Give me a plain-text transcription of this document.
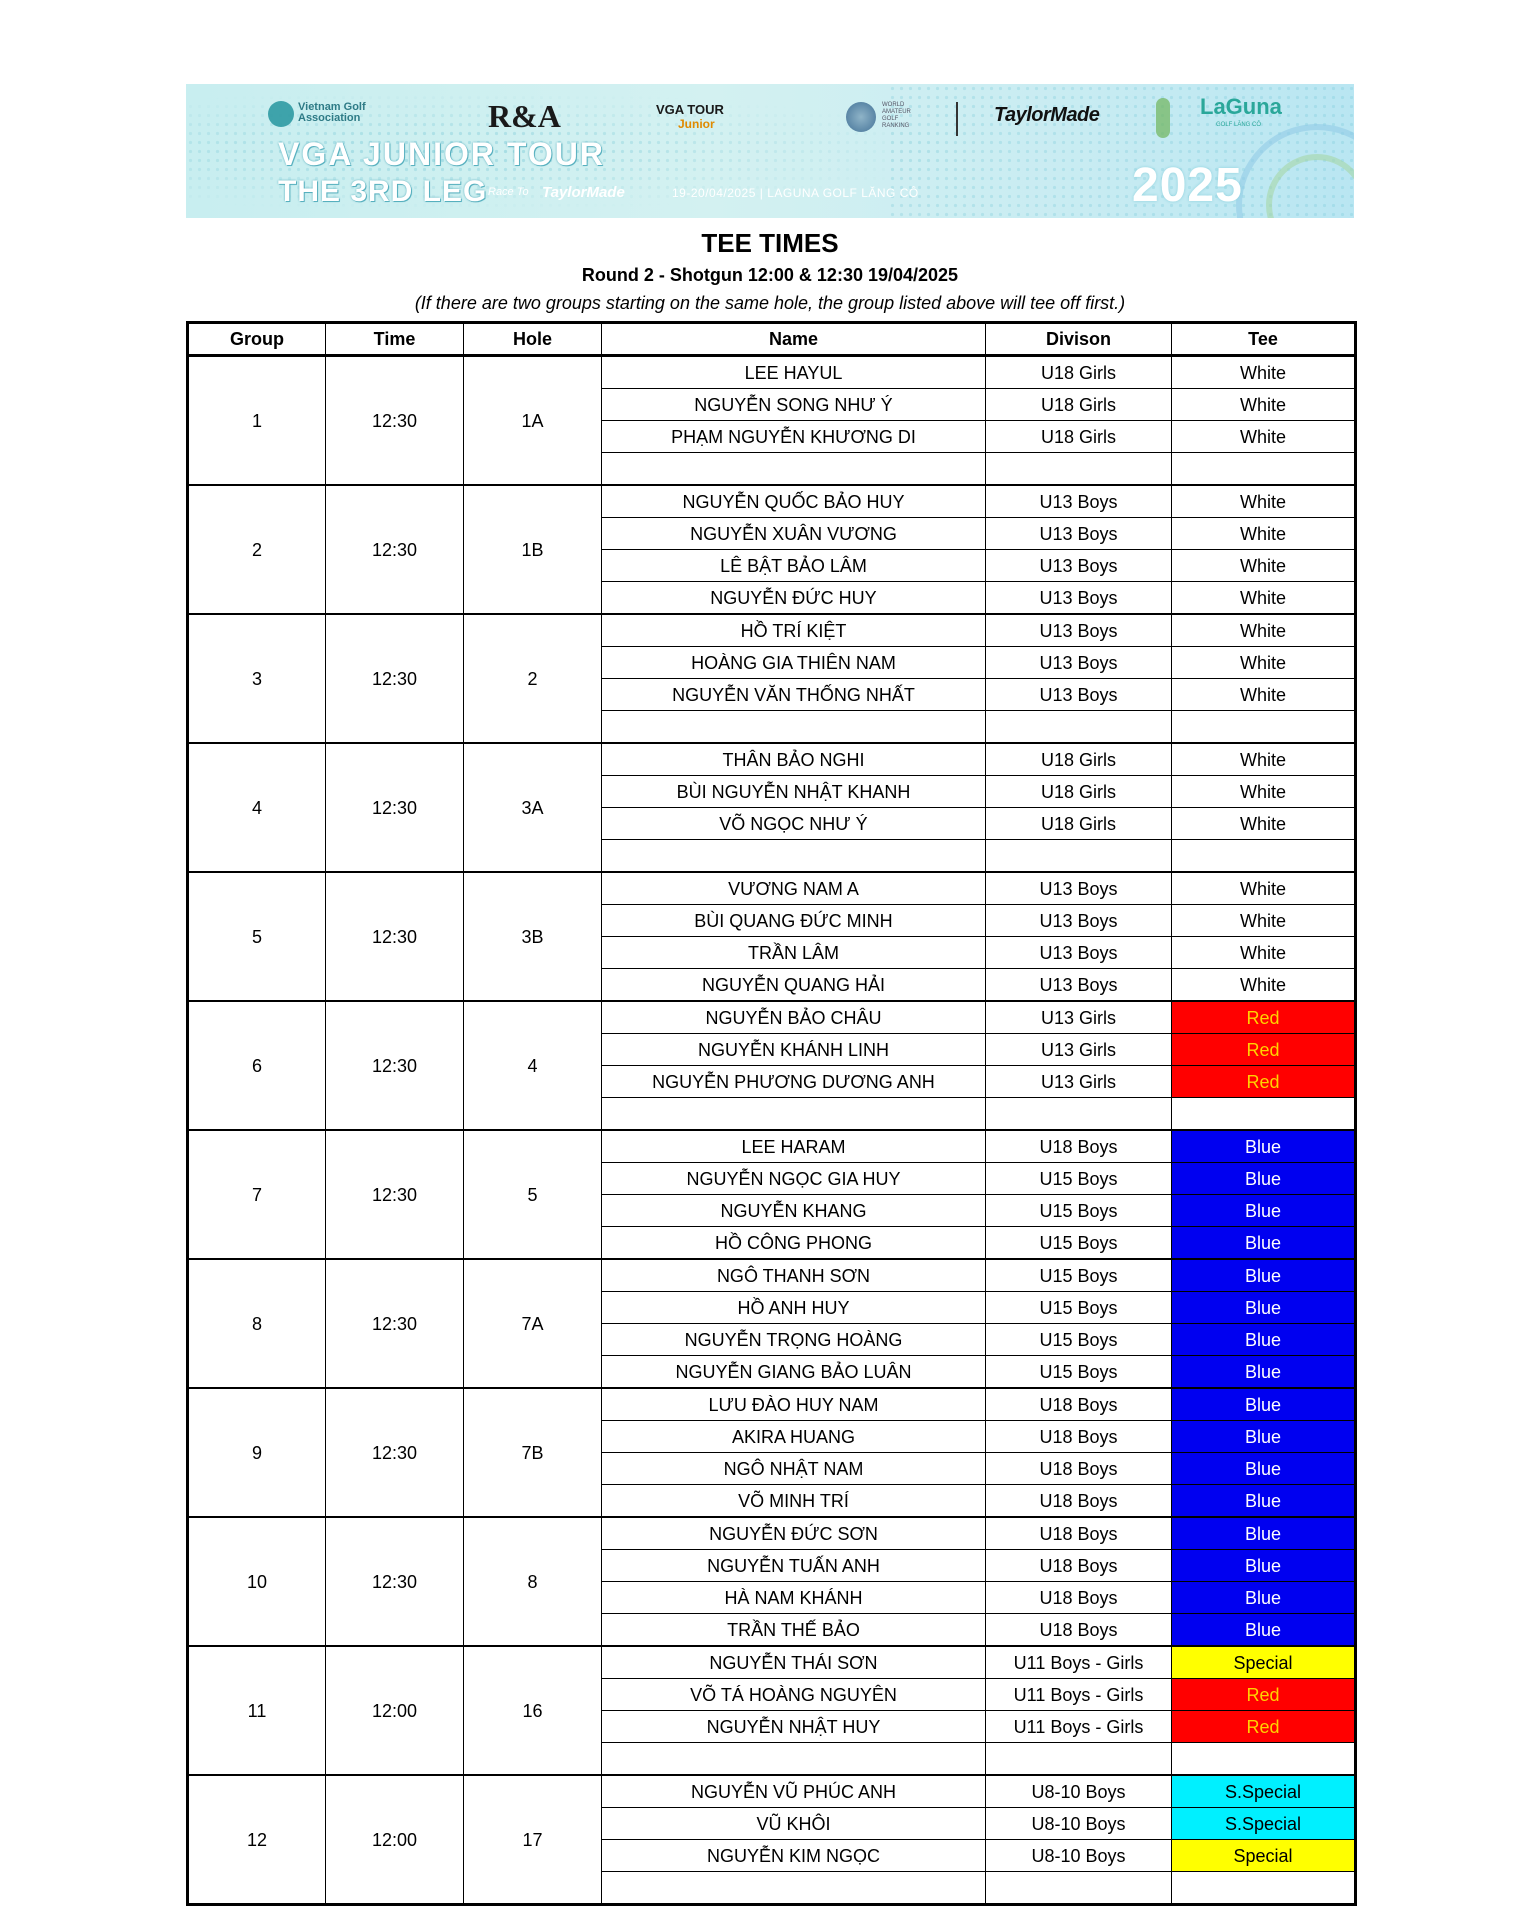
Vietnam Golf Association	R&A	VGA TOUR
Junior
WORLD AMATEUR GOLF RANKING	TaylorMade	LaGuna
GOLF LĂNG CÔ
VGA JUNIOR TOUR
THE 3RD LEG Race To TaylorMade	19-20/04/2025 | LAGUNA GOLF LĂNG CÔ	2025
TEE TIMES
Round 2 - Shotgun 12:00 & 12:30 19/04/2025
(If there are two groups starting on the same hole, the group listed above will tee off first.)
Group	Time	Hole	Name	Divison	Tee
1	12:30	1A	LEE HAYUL	U18 Girls	White
			NGUYỄN SONG NHƯ Ý	U18 Girls	White
			PHẠM NGUYỄN KHƯƠNG DI	U18 Girls	White

2	12:30	1B	NGUYỄN QUỐC BẢO HUY	U13 Boys	White
			NGUYỄN XUÂN VƯƠNG	U13 Boys	White
			LÊ BẬT BẢO LÂM	U13 Boys	White
			NGUYỄN ĐỨC HUY	U13 Boys	White
3	12:30	2	HỒ TRÍ KIỆT	U13 Boys	White
			HOÀNG GIA THIÊN NAM	U13 Boys	White
			NGUYỄN VĂN THỐNG NHẤT	U13 Boys	White

4	12:30	3A	THÂN BẢO NGHI	U18 Girls	White
			BÙI NGUYỄN NHẬT KHANH	U18 Girls	White
			VÕ NGỌC NHƯ Ý	U18 Girls	White

5	12:30	3B	VƯƠNG NAM A	U13 Boys	White
			BÙI QUANG ĐỨC MINH	U13 Boys	White
			TRẦN LÂM	U13 Boys	White
			NGUYỄN QUANG HẢI	U13 Boys	White
6	12:30	4	NGUYỄN BẢO CHÂU	U13 Girls	Red
			NGUYỄN KHÁNH LINH	U13 Girls	Red
			NGUYỄN PHƯƠNG DƯƠNG ANH	U13 Girls	Red

7	12:30	5	LEE HARAM	U18 Boys	Blue
			NGUYỄN NGỌC GIA HUY	U15 Boys	Blue
			NGUYỄN KHANG	U15 Boys	Blue
			HỒ CÔNG PHONG	U15 Boys	Blue
8	12:30	7A	NGÔ THANH SƠN	U15 Boys	Blue
			HỒ ANH HUY	U15 Boys	Blue
			NGUYỄN TRỌNG HOÀNG	U15 Boys	Blue
			NGUYỄN GIANG BẢO LUÂN	U15 Boys	Blue
9	12:30	7B	LƯU ĐÀO HUY NAM	U18 Boys	Blue
			AKIRA HUANG	U18 Boys	Blue
			NGÔ NHẬT NAM	U18 Boys	Blue
			VÕ MINH TRÍ	U18 Boys	Blue
10	12:30	8	NGUYỄN ĐỨC SƠN	U18 Boys	Blue
			NGUYỄN TUẤN ANH	U18 Boys	Blue
			HÀ NAM KHÁNH	U18 Boys	Blue
			TRẦN THẾ BẢO	U18 Boys	Blue
11	12:00	16	NGUYỄN THÁI SƠN	U11 Boys - Girls	Special
			VÕ TÁ HOÀNG NGUYÊN	U11 Boys - Girls	Red
			NGUYỄN NHẬT HUY	U11 Boys - Girls	Red

12	12:00	17	NGUYỄN VŨ PHÚC ANH	U8-10 Boys	S.Special
			VŨ KHÔI	U8-10 Boys	S.Special
			NGUYỄN KIM NGỌC	U8-10 Boys	Special
